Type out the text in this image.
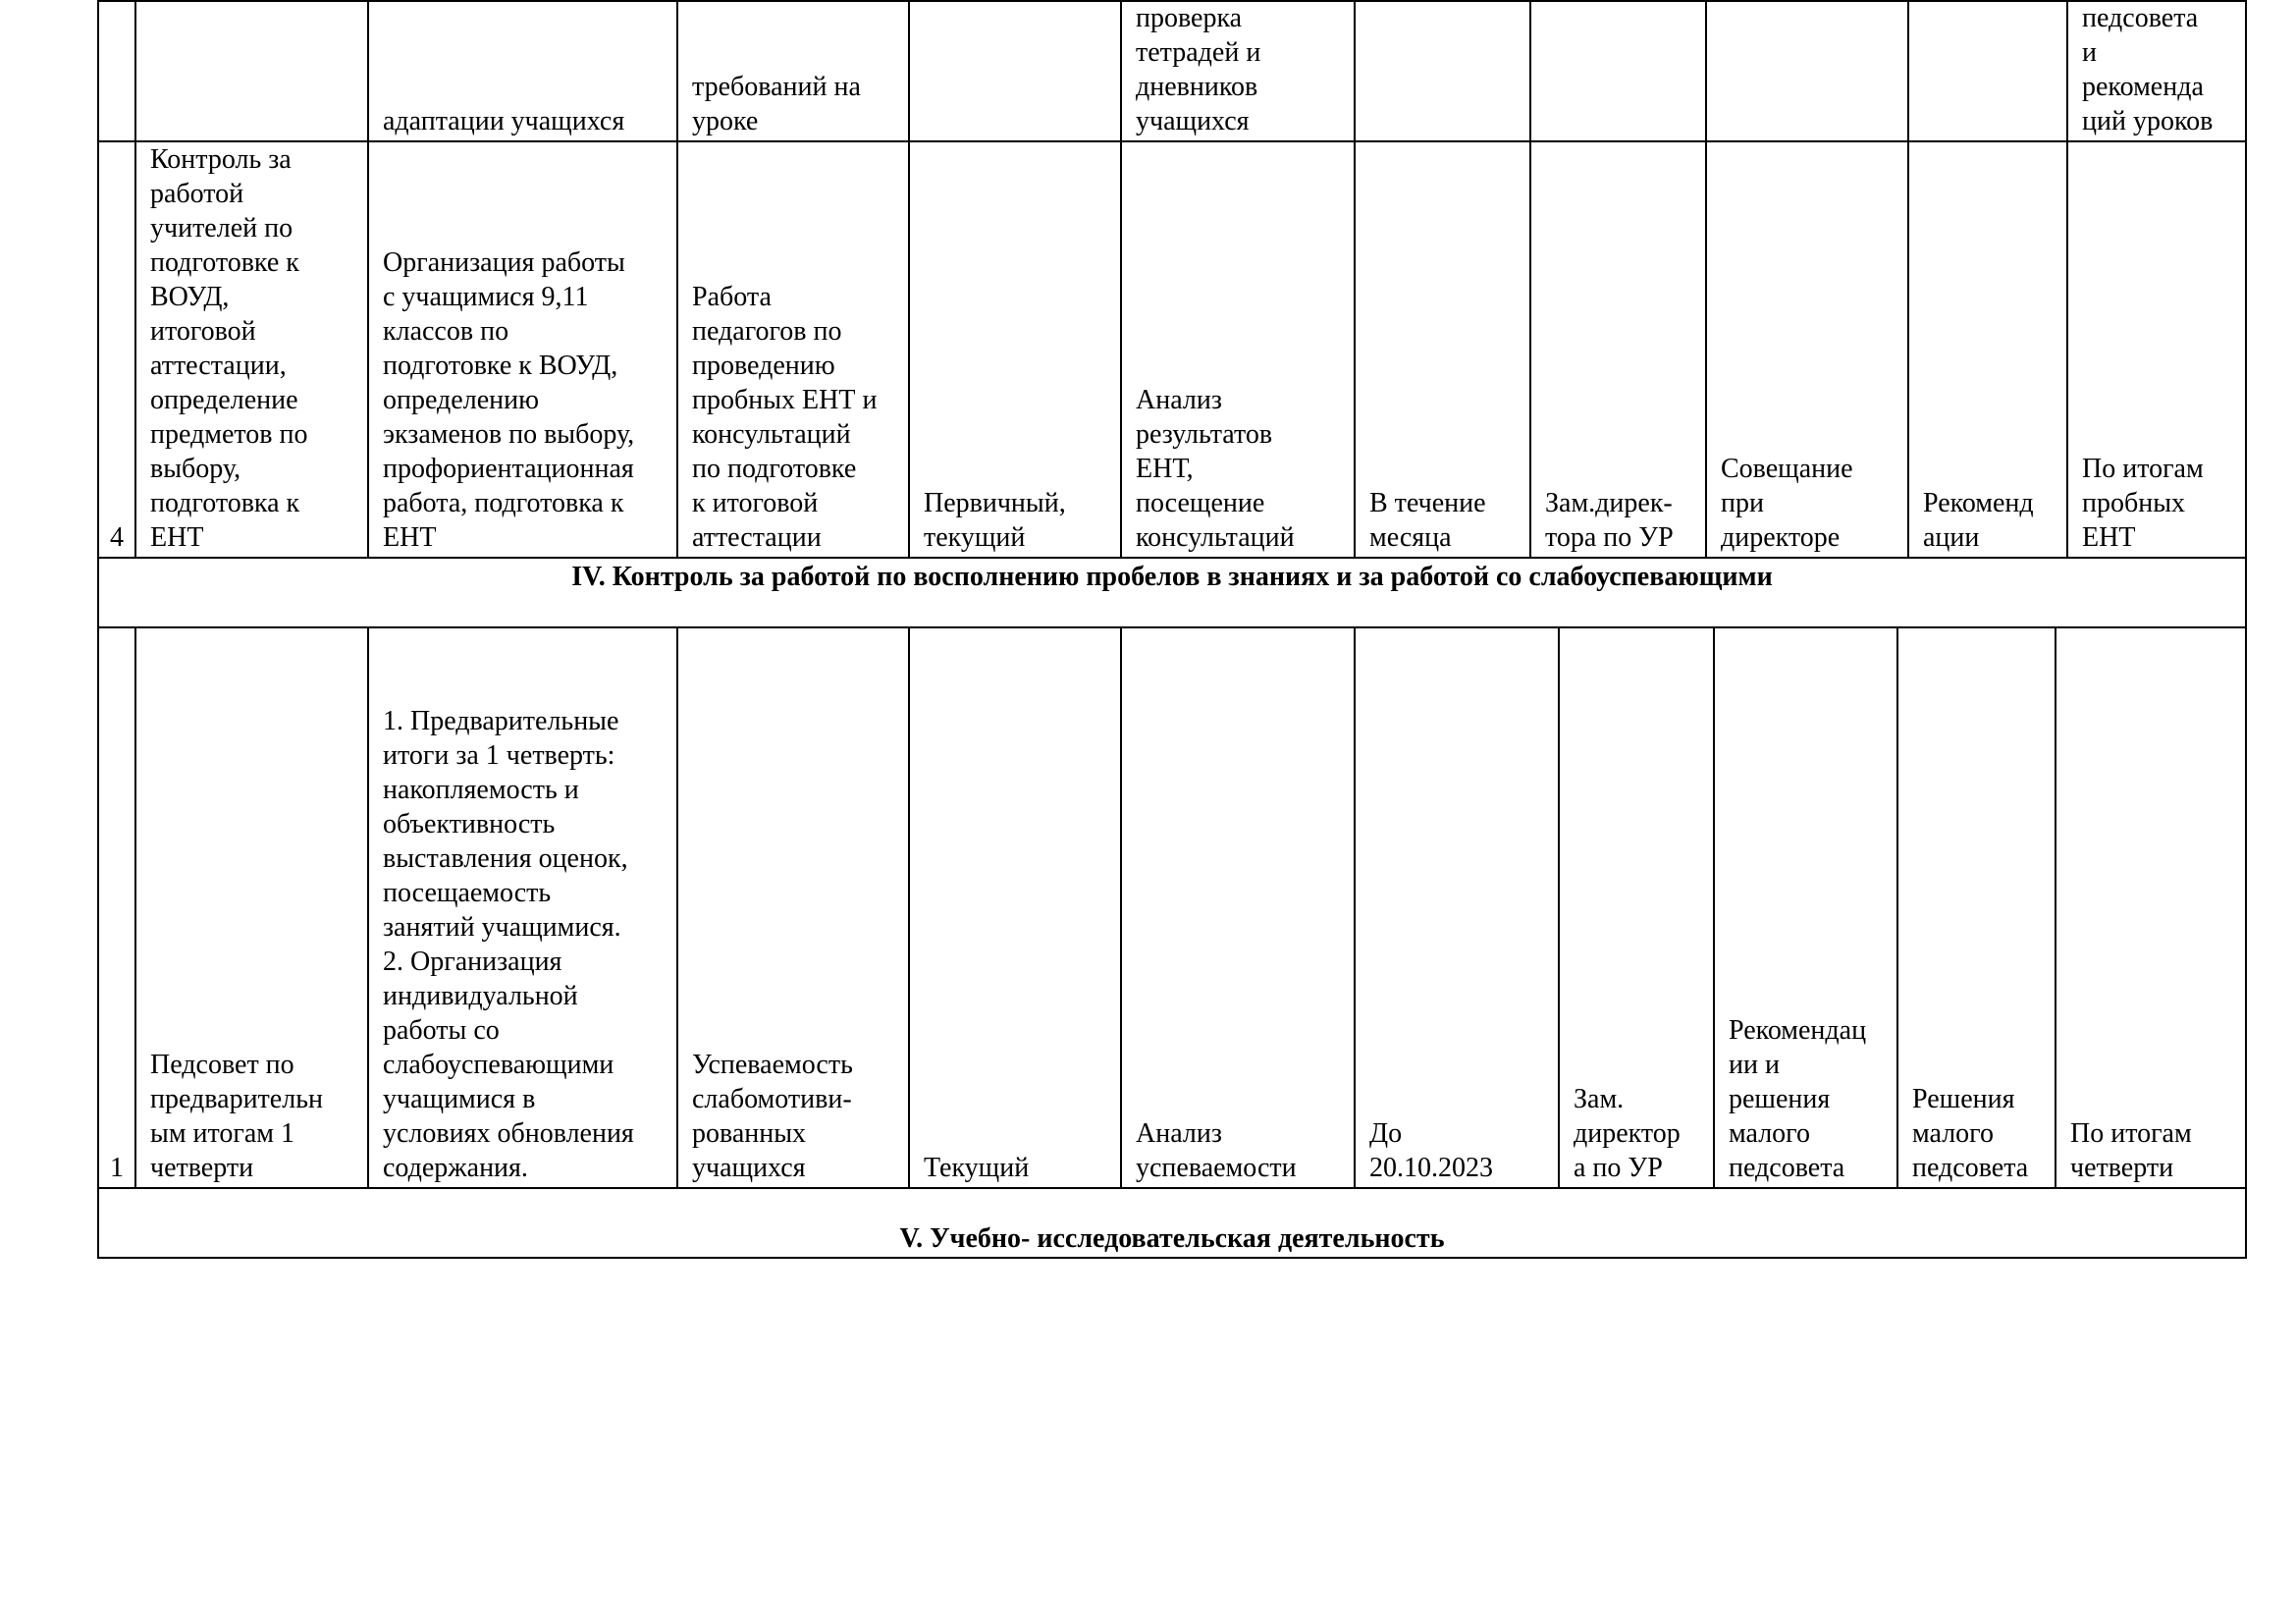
адаптации учащихся
требований на
уроке
проверка
тетрадей и
дневников
учащихся
педсовета
и
рекоменда
ций уроков
4
Контроль за
работой
учителей по
подготовке к
ВОУД,
итоговой
аттестации,
определение
предметов по
выбору,
подготовка к
ЕНТ
Организация работы
с учащимися 9,11
классов по
подготовке к ВОУД,
определению
экзаменов по выбору,
профориентационная
работа, подготовка к
ЕНТ
Работа
педагогов по
проведению
пробных ЕНТ и
консультаций
по подготовке
к итоговой
аттестации
Первичный,
текущий
Анализ
результатов
ЕНТ,
посещение
консультаций
В течение
месяца
Зам.дирек-
тора по УР
Совещание
при
директоре
Рекоменд
ации
По итогам
пробных
ЕНТ
IV. Контроль за работой по восполнению пробелов в знаниях и за работой со слабоуспевающими
1
Педсовет по
предварительн
ым итогам 1
четверти
1. Предварительные
итоги за 1 четверть:
накопляемость и
объективность
выставления оценок,
посещаемость
занятий учащимися.
2. Организация
индивидуальной
работы со
слабоуспевающими
учащимися в
условиях обновления
содержания.
Успеваемость
слабомотиви-
рованных
учащихся	Текущий
Анализ
успеваемости
До
20.10.2023
Зам.
директор
а по УР
Рекомендац
ии и
решения
малого
педсовета
Решения
малого
педсовета
По итогам
четверти
V. Учебно- исследовательская деятельность
